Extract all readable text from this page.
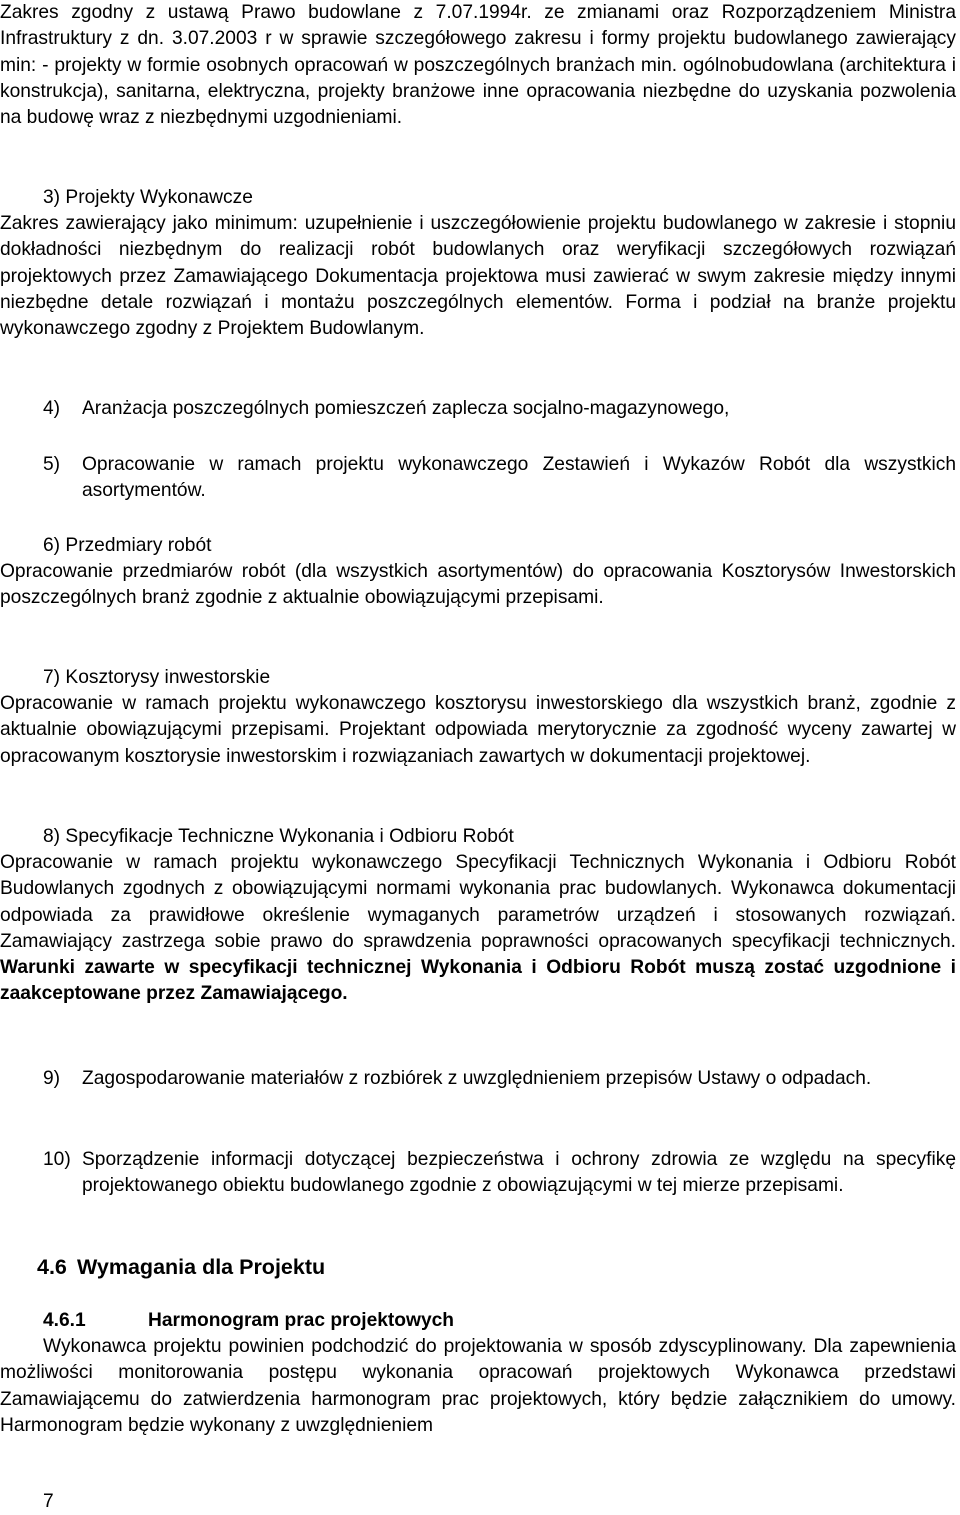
Zakres zgodny z ustawą Prawo budowlane z 7.07.1994r. ze zmianami oraz Rozporządzeniem Ministra Infrastruktury z dn. 3.07.2003 r w sprawie szczegółowego zakresu i formy projektu budowlanego zawierający min: - projekty w formie osobnych opracowań w poszczególnych branżach min. ogólnobudowlana (architektura i konstrukcja), sanitarna, elektryczna, projekty branżowe inne opracowania niezbędne do uzyskania pozwolenia na budowę wraz z niezbędnymi uzgodnieniami.

3) Projekty Wykonawcze

Zakres zawierający jako minimum: uzupełnienie i uszczegółowienie projektu budowlanego w zakresie i stopniu dokładności niezbędnym do realizacji robót budowlanych oraz weryfikacji szczegółowych rozwiązań projektowych przez Zamawiającego Dokumentacja projektowa musi zawierać w swym zakresie między innymi niezbędne detale rozwiązań i montażu poszczególnych elementów. Forma i podział na branże projektu wykonawczego zgodny z Projektem Budowlanym.

4) Aranżacja poszczególnych pomieszczeń zaplecza socjalno-magazynowego,
5) Opracowanie w ramach projektu wykonawczego Zestawień i Wykazów Robót dla wszystkich asortymentów.

6) Przedmiary robót

Opracowanie przedmiarów robót (dla wszystkich asortymentów) do opracowania Kosztorysów Inwestorskich poszczególnych branż zgodnie z aktualnie obowiązującymi przepisami.

7) Kosztorysy inwestorskie

Opracowanie w ramach projektu wykonawczego kosztorysu inwestorskiego dla wszystkich branż, zgodnie z aktualnie obowiązującymi przepisami. Projektant odpowiada merytorycznie za zgodność wyceny zawartej w opracowanym kosztorysie inwestorskim i rozwiązaniach zawartych w dokumentacji projektowej.

8) Specyfikacje Techniczne Wykonania i Odbioru Robót

Opracowanie w ramach projektu wykonawczego Specyfikacji Technicznych Wykonania i Odbioru Robót Budowlanych zgodnych z obowiązującymi normami wykonania prac budowlanych. Wykonawca dokumentacji odpowiada za prawidłowe określenie wymaganych parametrów urządzeń i stosowanych rozwiązań. Zamawiający zastrzega sobie prawo do sprawdzenia poprawności opracowanych specyfikacji technicznych. Warunki zawarte w specyfikacji technicznej Wykonania i Odbioru Robót muszą zostać uzgodnione i zaakceptowane przez Zamawiającego.

9) Zagospodarowanie materiałów z rozbiórek z uwzględnieniem przepisów Ustawy o odpadach.
10) Sporządzenie informacji dotyczącej bezpieczeństwa i ochrony zdrowia ze względu na specyfikę projektowanego obiektu budowlanego zgodnie z obowiązującymi w tej mierze przepisami.
4.6 Wymagania dla Projektu
4.6.1	Harmonogram prac projektowych

Wykonawca projektu powinien podchodzić do projektowania w sposób zdyscyplinowany. Dla zapewnienia możliwości monitorowania postępu wykonania opracowań projektowych Wykonawca przedstawi Zamawiającemu do zatwierdzenia harmonogram prac projektowych, który będzie załącznikiem do umowy. Harmonogram będzie wykonany z uwzględnieniem

7
